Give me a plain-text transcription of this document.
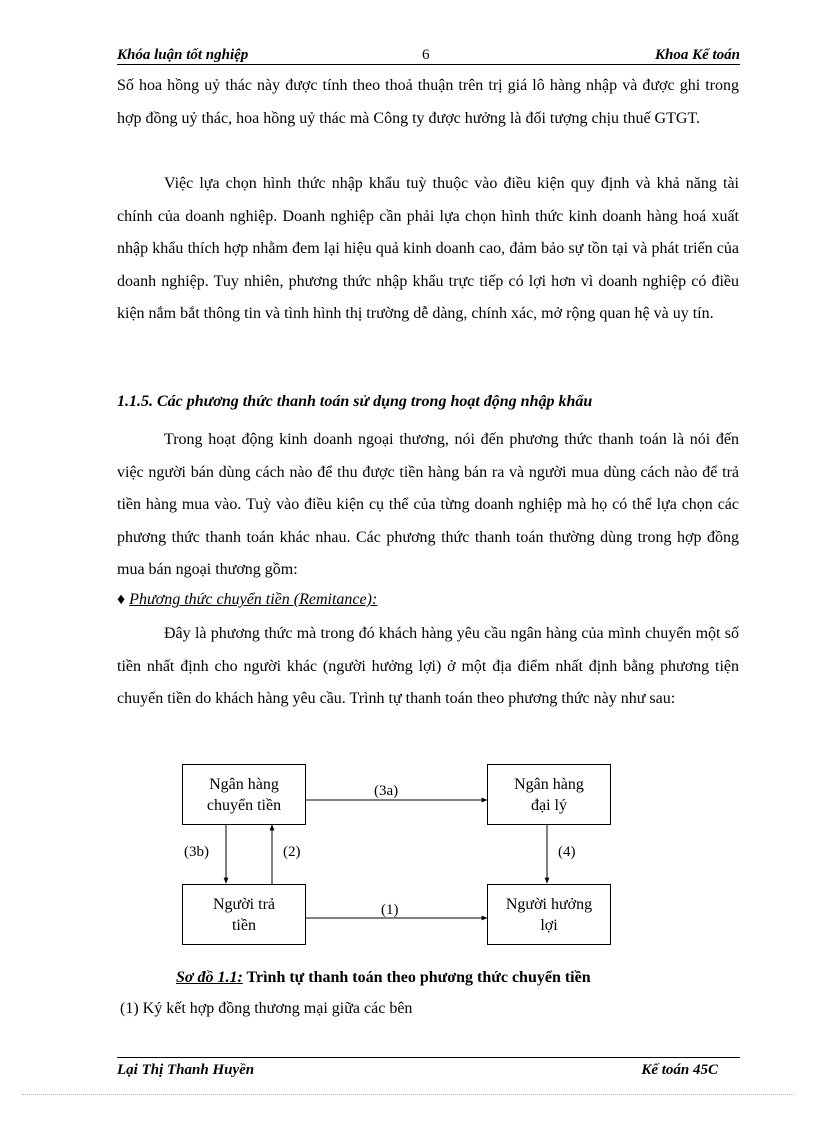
Khóa luận tốt nghiệp	6	Khoa Kế toán

Số hoa hồng uỷ thác này được tính theo thoả thuận trên trị giá lô hàng nhập và được ghi trong hợp đồng uỷ thác, hoa hồng uỷ thác mà Công ty được hưởng là đối tượng chịu thuế GTGT.

Việc lựa chọn hình thức nhập khẩu tuỳ thuộc vào điều kiện quy định và khả năng tài chính của doanh nghiệp. Doanh nghiệp cần phải lựa chọn hình thức kinh doanh hàng hoá xuất nhập khẩu thích hợp nhằm đem lại hiệu quả kinh doanh cao, đảm bảo sự tồn tại và phát triển của doanh nghiệp. Tuy nhiên, phương thức nhập khẩu trực tiếp có lợi hơn vì doanh nghiệp có điều kiện nắm bắt thông tin và tình hình thị trường dễ dàng, chính xác, mở rộng quan hệ và uy tín.

1.1.5. Các phương thức thanh toán sử dụng trong hoạt động nhập khẩu

Trong hoạt động kinh doanh ngoại thương, nói đến phương thức thanh toán là nói đến việc người bán dùng cách nào để thu được tiền hàng bán ra và người mua dùng cách nào để trả tiền hàng mua vào. Tuỳ vào điều kiện cụ thể của từng doanh nghiệp mà họ có thể lựa chọn các phương thức thanh toán khác nhau. Các phương thức thanh toán thường dùng trong hợp đồng mua bán ngoại thương gồm:

♦ Phương thức chuyển tiền (Remitance):

Đây là phương thức mà trong đó khách hàng yêu cầu ngân hàng của mình chuyển một số tiền nhất định cho người khác (người hưởng lợi) ở một địa điểm nhất định bằng phương tiện chuyển tiền do khách hàng yêu cầu. Trình tự thanh toán theo phương thức này như sau:

Ngân hàng
chuyển tiền
Ngân hàng
đại lý
Người trả
tiền
Người hưởng
lợi
(3a)
(3b)	(2)	(4)
(1)

Sơ đồ 1.1: Trình tự thanh toán theo phương thức chuyển tiền

(1) Ký kết hợp đồng thương mại giữa các bên

Lại Thị Thanh Huyền	Kế toán 45C
